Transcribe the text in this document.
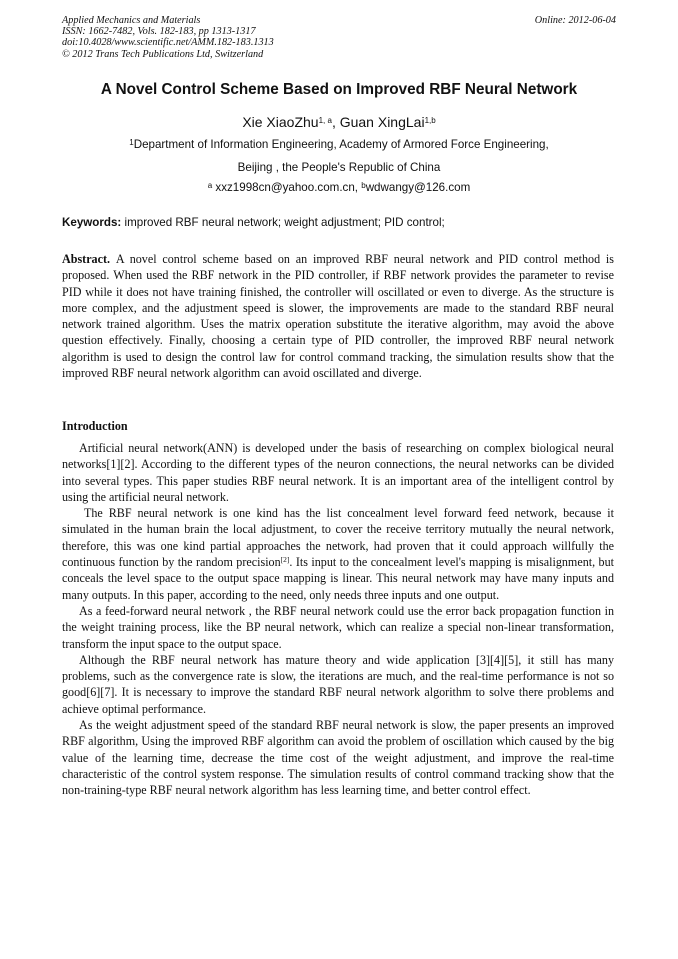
Applied Mechanics and Materials
ISSN: 1662-7482, Vols. 182-183, pp 1313-1317
doi:10.4028/www.scientific.net/AMM.182-183.1313
© 2012 Trans Tech Publications Ltd, Switzerland
Online: 2012-06-04
A Novel Control Scheme Based on Improved RBF Neural Network
Xie XiaoZhu$^{1, a}$, Guan XingLai$^{1,b}$
$^1$Department of Information Engineering, Academy of Armored Force Engineering,
Beijing , the People's Republic of China
$^a$ xxz1998cn@yahoo.com.cn, $^b$wdwangy@126.com
Keywords: improved RBF neural network; weight adjustment; PID control;

Abstract. A novel control scheme based on an improved RBF neural network and PID control method is proposed. When used the RBF network in the PID controller, if RBF network provides the parameter to revise PID while it does not have training finished, the controller will oscillated or even to diverge. As the structure is more complex, and the adjustment speed is slower, the improvements are made to the standard RBF neural network trained algorithm. Uses the matrix operation substitute the iterative algorithm, may avoid the above question effectively. Finally, choosing a certain type of PID controller, the improved RBF neural network algorithm is used to design the control law for control command tracking, the simulation results show that the improved RBF neural network algorithm can avoid oscillated and diverge.

Introduction

Artificial neural network(ANN) is developed under the basis of researching on complex biological neural networks[1][2]. According to the different types of the neuron connections, the neural networks can be divided into several types. This paper studies RBF neural network. It is an important area of the intelligent control by using the artificial neural network.

The RBF neural network is one kind has the list concealment level forward feed network, because it simulated in the human brain the local adjustment, to cover the receive territory mutually the neural network, therefore, this was one kind partial approaches the network, had proven that it could approach willfully the continuous function by the random precision[2]. Its input to the concealment level's mapping is misalignment, but conceals the level space to the output space mapping is linear. This neural network may have many inputs and many outputs. In this paper, according to the need, only needs three inputs and one output.

As a feed-forward neural network , the RBF neural network could use the error back propagation function in the weight training process, like the BP neural network, which can realize a special non-linear transformation, transform the input space to the output space.

Although the RBF neural network has mature theory and wide application [3][4][5], it still has many problems, such as the convergence rate is slow, the iterations are much, and the real-time performance is not so good[6][7]. It is necessary to improve the standard RBF neural network algorithm to solve there problems and achieve optimal performance.

As the weight adjustment speed of the standard RBF neural network is slow, the paper presents an improved RBF algorithm, Using the improved RBF algorithm can avoid the problem of oscillation which caused by the big value of the learning time, decrease the time cost of the weight adjustment, and improve the real-time characteristic of the control system response. The simulation results of control command tracking show that the non-training-type RBF neural network algorithm has less learning time, and better control effect.
